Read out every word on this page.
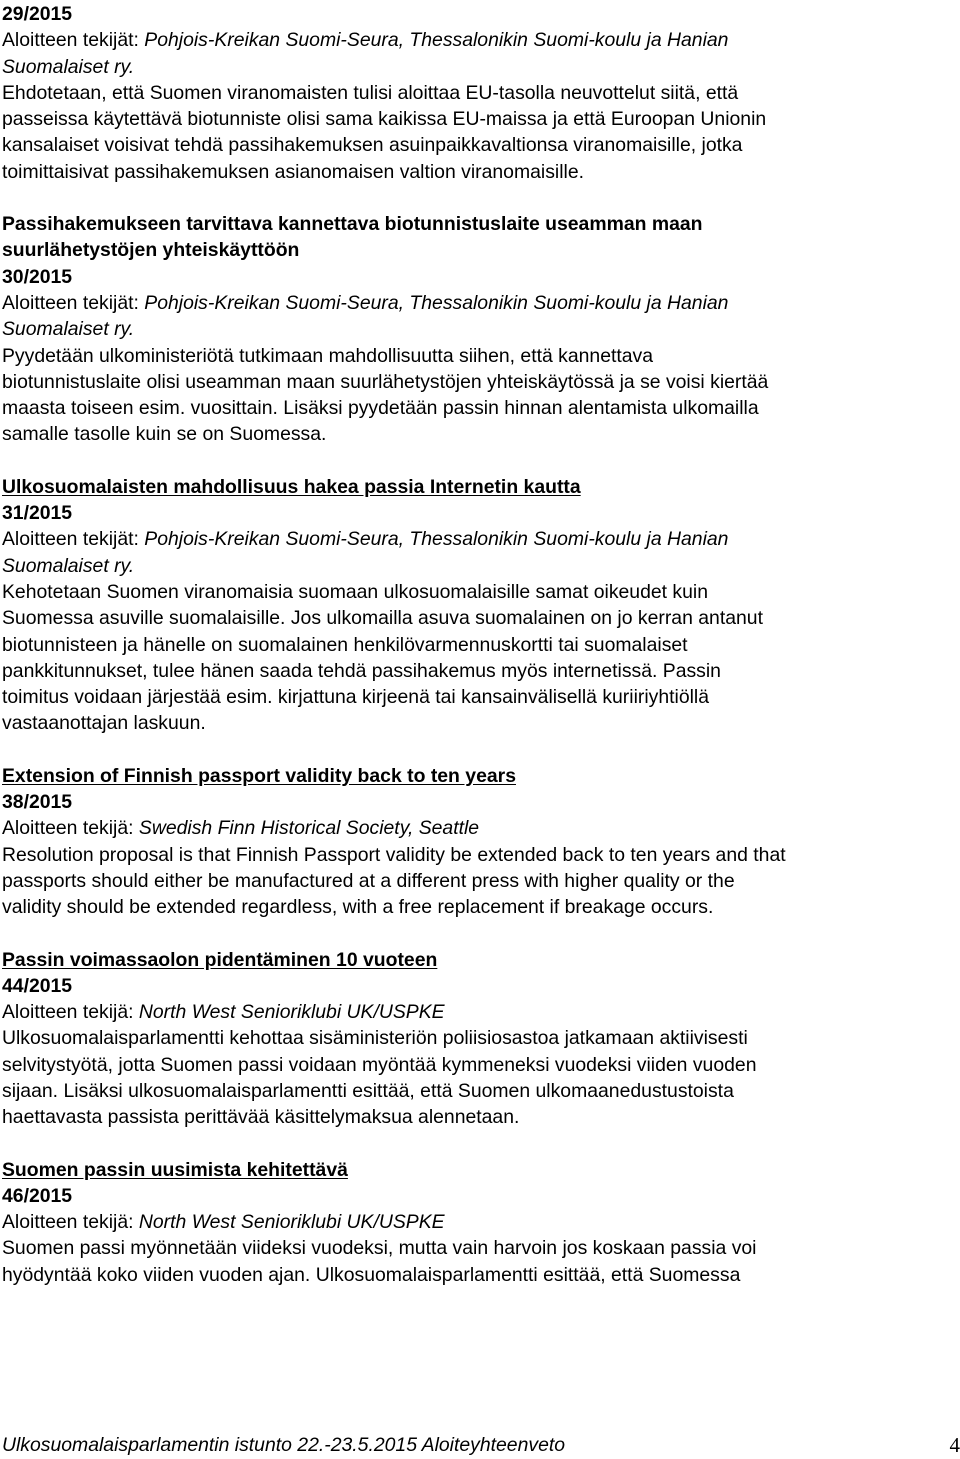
29/2015
Aloitteen tekijät: Pohjois-Kreikan Suomi-Seura, Thessalonikin Suomi-koulu ja Hanian
Suomalaiset ry.
Ehdotetaan, että Suomen viranomaisten tulisi aloittaa EU-tasolla neuvottelut siitä, että
passeissa käytettävä biotunniste olisi sama kaikissa EU-maissa ja että Euroopan Unionin
kansalaiset voisivat tehdä passihakemuksen asuinpaikkavaltionsa viranomaisille, jotka
toimittaisivat passihakemuksen asianomaisen valtion viranomaisille.
Passihakemukseen tarvittava kannettava biotunnistuslaite useamman maan
suurlähetystöjen yhteiskäyttöön
30/2015
Aloitteen tekijät: Pohjois-Kreikan Suomi-Seura, Thessalonikin Suomi-koulu ja Hanian
Suomalaiset ry.
Pyydetään ulkoministeriötä tutkimaan mahdollisuutta siihen, että kannettava
biotunnistuslaite olisi useamman maan suurlähetystöjen yhteiskäytössä ja se voisi kiertää
maasta toiseen esim. vuosittain. Lisäksi pyydetään passin hinnan alentamista ulkomailla
samalle tasolle kuin se on Suomessa.
Ulkosuomalaisten mahdollisuus hakea passia Internetin kautta
31/2015
Aloitteen tekijät: Pohjois-Kreikan Suomi-Seura, Thessalonikin Suomi-koulu ja Hanian
Suomalaiset ry.
Kehotetaan Suomen viranomaisia suomaan ulkosuomalaisille samat oikeudet kuin
Suomessa asuville suomalaisille. Jos ulkomailla asuva suomalainen on jo kerran antanut
biotunnisteen ja hänelle on suomalainen henkilövarmennuskortti tai suomalaiset
pankkitunnukset, tulee hänen saada tehdä passihakemus myös internetissä. Passin
toimitus voidaan järjestää esim. kirjattuna kirjeenä tai kansainvälisellä kuriiriyhtiöllä
vastaanottajan laskuun.
Extension of Finnish passport validity back to ten years
38/2015
Aloitteen tekijä: Swedish Finn Historical Society, Seattle
Resolution proposal is that Finnish Passport validity be extended back to ten years and that
passports should either be manufactured at a different press with higher quality or the
validity should be extended regardless, with a free replacement if breakage occurs.
Passin voimassaolon pidentäminen 10 vuoteen
44/2015
Aloitteen tekijä: North West Senioriklubi UK/USPKE
Ulkosuomalaisparlamentti kehottaa sisäministeriön poliisiosastoa jatkamaan aktiivisesti
selvitystyötä, jotta Suomen passi voidaan myöntää kymmeneksi vuodeksi viiden vuoden
sijaan. Lisäksi ulkosuomalaisparlamentti esittää, että Suomen ulkomaanedustustoista
haettavasta passista perittävää käsittelymaksua alennetaan.
Suomen passin uusimista kehitettävä
46/2015
Aloitteen tekijä: North West Senioriklubi UK/USPKE
Suomen passi myönnetään viideksi vuodeksi, mutta vain harvoin jos koskaan passia voi
hyödyntää koko viiden vuoden ajan. Ulkosuomalaisparlamentti esittää, että Suomessa
Ulkosuomalaisparlamentin istunto 22.-23.5.2015 Aloiteyhteenveto	4
